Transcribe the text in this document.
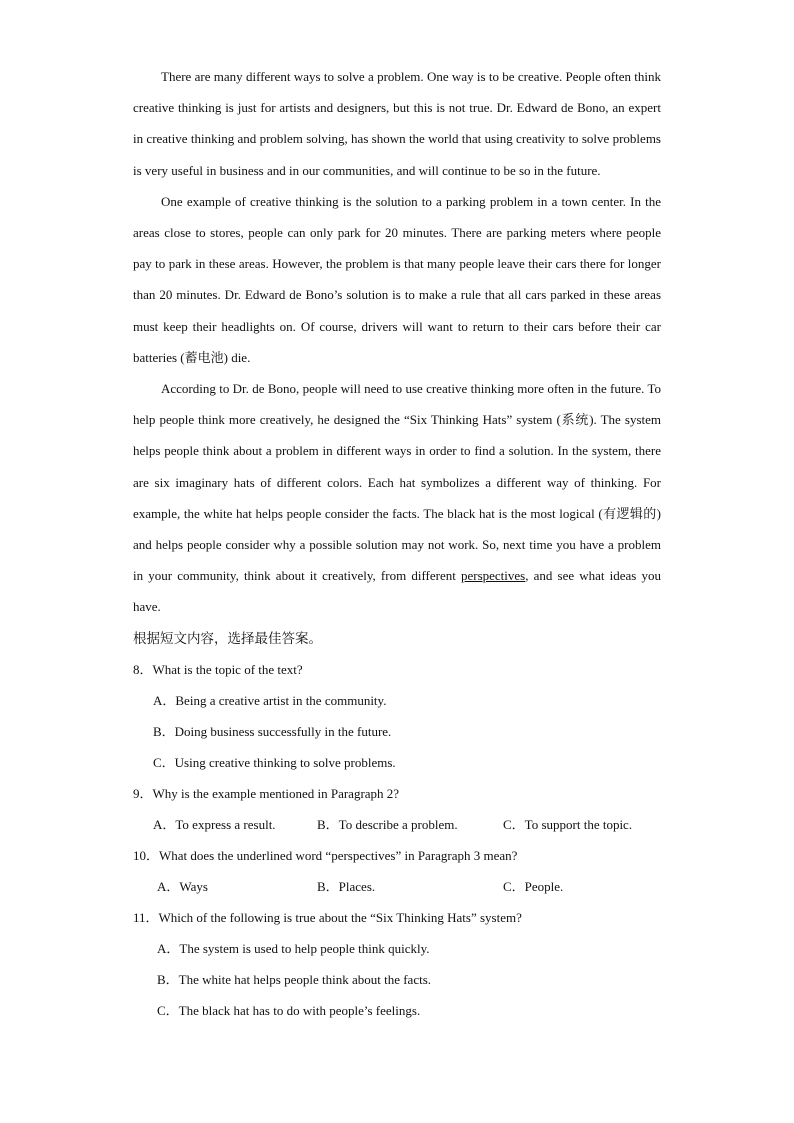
There are many different ways to solve a problem. One way is to be creative. People often think creative thinking is just for artists and designers, but this is not true. Dr. Edward de Bono, an expert in creative thinking and problem solving, has shown the world that using creativity to solve problems is very useful in business and in our communities, and will continue to be so in the future.

One example of creative thinking is the solution to a parking problem in a town center. In the areas close to stores, people can only park for 20 minutes. There are parking meters where people pay to park in these areas. However, the problem is that many people leave their cars there for longer than 20 minutes. Dr. Edward de Bono’s solution is to make a rule that all cars parked in these areas must keep their headlights on. Of course, drivers will want to return to their cars before their car batteries (蓄电池) die.

According to Dr. de Bono, people will need to use creative thinking more often in the future. To help people think more creatively, he designed the “Six Thinking Hats” system (系统). The system helps people think about a problem in different ways in order to find a solution. In the system, there are six imaginary hats of different colors. Each hat symbolizes a different way of thinking. For example, the white hat helps people consider the facts. The black hat is the most logical (有逻辑的) and helps people consider why a possible solution may not work. So, next time you have a problem in your community, think about it creatively, from different perspectives, and see what ideas you have.

根据短文内容，选择最佳答案。

8．What is the topic of the text?

A．Being a creative artist in the community.

B．Doing business successfully in the future.

C．Using creative thinking to solve problems.

9．Why is the example mentioned in Paragraph 2?

A．To express a result.	B．To describe a problem.	C．To support the topic.

10．What does the underlined word “perspectives” in Paragraph 3 mean?

A．Ways	B．Places.	C．People.

11．Which of the following is true about the “Six Thinking Hats” system?

A．The system is used to help people think quickly.

B．The white hat helps people think about the facts.

C．The black hat has to do with people’s feelings.
